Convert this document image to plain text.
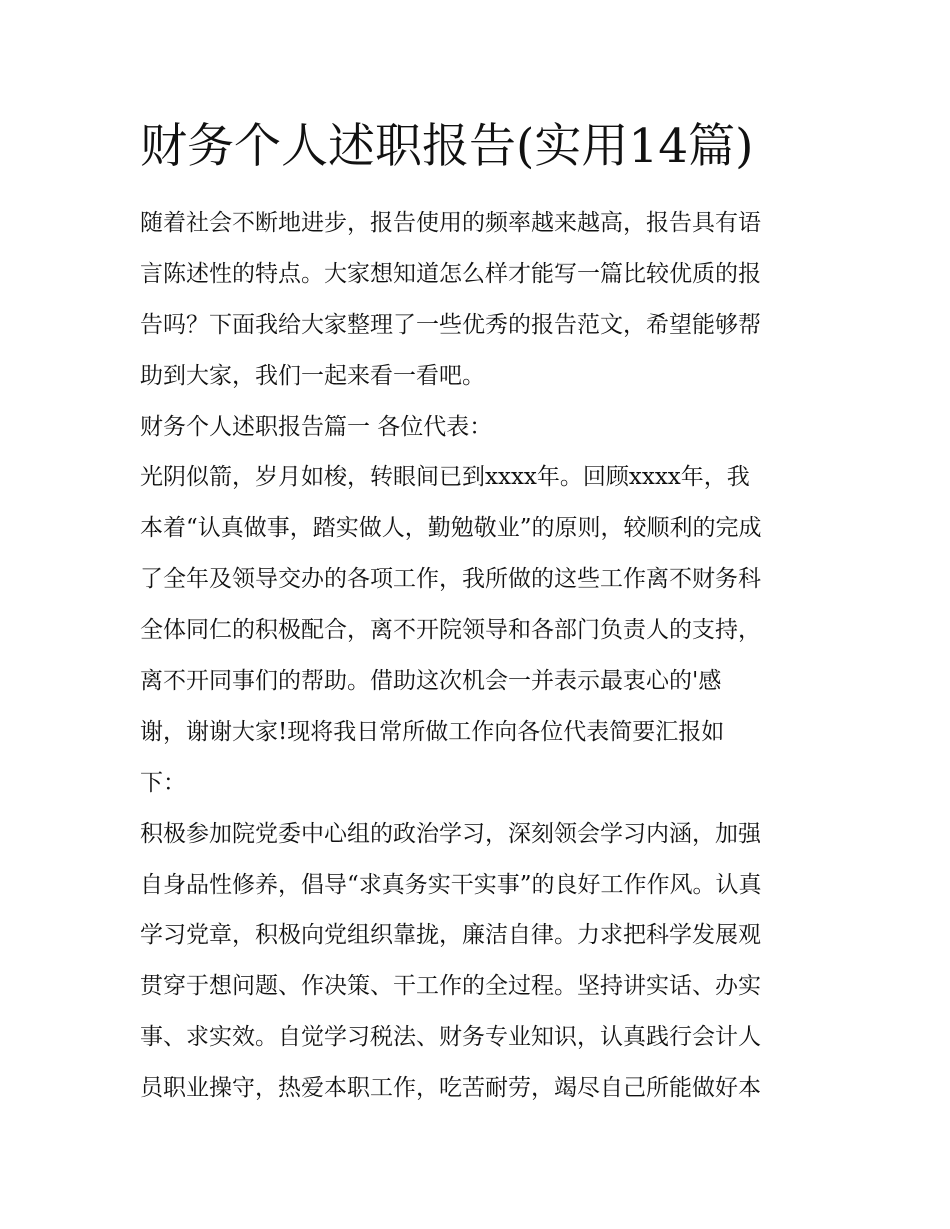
财务个人述职报告(实用14篇)
随着社会不断地进步，报告使用的频率越来越高，报告具有语
言陈述性的特点。大家想知道怎么样才能写一篇比较优质的报
告吗？下面我给大家整理了一些优秀的报告范文，希望能够帮
助到大家，我们一起来看一看吧。
财务个人述职报告篇一 各位代表：
光阴似箭，岁月如梭，转眼间已到xxxx年。回顾xxxx年，我
本着“认真做事，踏实做人，勤勉敬业”的原则，较顺利的完成
了全年及领导交办的各项工作，我所做的这些工作离不财务科
全体同仁的积极配合，离不开院领导和各部门负责人的支持，
离不开同事们的帮助。借助这次机会一并表示最衷心的'感
谢，谢谢大家!现将我日常所做工作向各位代表简要汇报如
下：
积极参加院党委中心组的政治学习，深刻领会学习内涵，加强
自身品性修养，倡导“求真务实干实事”的良好工作作风。认真
学习党章，积极向党组织靠拢，廉洁自律。力求把科学发展观
贯穿于想问题、作决策、干工作的全过程。坚持讲实话、办实
事、求实效。自觉学习税法、财务专业知识，认真践行会计人
员职业操守，热爱本职工作，吃苦耐劳，竭尽自己所能做好本
